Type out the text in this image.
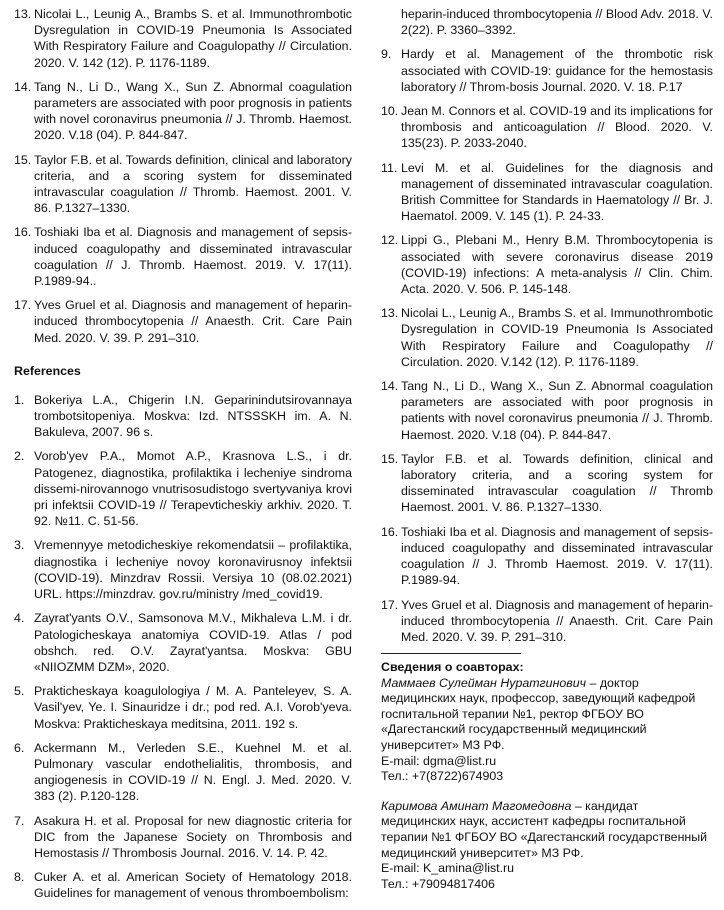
13. Nicolai L., Leunig A., Brambs S. et al. Immunothrombotic Dysregulation in COVID-19 Pneumonia Is Associated With Respiratory Failure and Coagulopathy // Circulation. 2020. V. 142 (12). P. 1176-1189.
14. Tang N., Li D., Wang X., Sun Z. Abnormal coagulation parameters are associated with poor prognosis in patients with novel coronavirus pneumonia // J. Thromb. Haemost. 2020. V.18 (04). P. 844-847.
15. Taylor F.B. et al. Towards definition, clinical and laboratory criteria, and a scoring system for disseminated intravascular coagulation // Thromb. Haemost. 2001. V. 86. P.1327–1330.
16. Toshiaki Iba et al. Diagnosis and management of sepsis-induced coagulopathy and disseminated intravascular coagulation // J. Thromb. Haemost. 2019. V. 17(11). P.1989-94..
17. Yves Gruel et al. Diagnosis and management of heparin-induced thrombocytopenia // Anaesth. Crit. Care Pain Med. 2020. V. 39. P. 291–310.
References
1. Bokeriya L.A., Chigerin I.N. Geparinindutsirovannaya trombotsitopeniya. Moskva: Izd. NTSSSKH im. A. N. Bakuleva, 2007. 96 s.
2. Vorob'yev P.A., Momot A.P., Krasnova L.S., i dr. Patogenez, diagnostika, profilaktika i lecheniye sindroma dissemi-nirovannogo vnutrisosudistogo svertyvaniya krovi pri infektsii COVID-19 // Terapevticheskiy arkhiv. 2020. T. 92. №11. C. 51-56.
3. Vremennyye metodicheskiye rekomendatsii – profilaktika, diagnostika i lecheniye novoy koronavirusnoy infektsii (COVID-19). Minzdrav Rossii. Versiya 10 (08.02.2021) URL. https://minzdrav. gov.ru/ministry /med_covid19.
4. Zayrat'yants O.V., Samsonova M.V., Mikhaleva L.M. i dr. Patologicheskaya anatomiya COVID-19. Atlas / pod obshch. red. O.V. Zayrat'yantsa. Moskva: GBU «NIIOZMM DZM», 2020.
5. Prakticheskaya koagulologiya / M. A. Panteleyev, S. A. Vasil'yev, Ye. I. Sinauridze i dr.; pod red. A.I. Vorob'yeva. Moskva: Prakticheskaya meditsina, 2011. 192 s.
6. Ackermann M., Verleden S.E., Kuehnel M. et al. Pulmonary vascular endothelialitis, thrombosis, and angiogenesis in COVID-19 // N. Engl. J. Med. 2020. V. 383 (2). P.120-128.
7. Asakura H. et al. Proposal for new diagnostic criteria for DIC from the Japanese Society on Thrombosis and Hemostasis // Thrombosis Journal. 2016. V. 14. P. 42.
8. Cuker A. et al. American Society of Hematology 2018. Guidelines for management of venous thromboembolism:
heparin-induced thrombocytopenia // Blood Adv. 2018. V. 2(22). P. 3360–3392.
9. Hardy et al. Management of the thrombotic risk associated with COVID-19: guidance for the hemostasis laboratory // Throm-bosis Journal. 2020. V. 18. P.17
10. Jean M. Connors et al. COVID-19 and its implications for thrombosis and anticoagulation // Blood. 2020. V. 135(23). P. 2033-2040.
11. Levi M. et al. Guidelines for the diagnosis and management of disseminated intravascular coagulation. British Committee for Standards in Haematology // Br. J. Haematol. 2009. V. 145 (1). P. 24-33.
12. Lippi G., Plebani M., Henry B.M. Thrombocytopenia is associated with severe coronavirus disease 2019 (COVID-19) infections: A meta-analysis // Clin. Chim. Acta. 2020. V. 506. P. 145-148.
13. Nicolai L., Leunig A., Brambs S. et al. Immunothrombotic Dysregulation in COVID-19 Pneumonia Is Associated With Respiratory Failure and Coagulopathy // Circulation. 2020. V.142 (12). P. 1176-1189.
14. Tang N., Li D., Wang X., Sun Z. Abnormal coagulation parameters are associated with poor prognosis in patients with novel coronavirus pneumonia // J. Thromb. Haemost. 2020. V.18 (04). P. 844-847.
15. Taylor F.B. et al. Towards definition, clinical and laboratory criteria, and a scoring system for disseminated intravascular coagulation // Thromb Haemost. 2001. V. 86. P.1327–1330.
16. Toshiaki Iba et al. Diagnosis and management of sepsis-induced coagulopathy and disseminated intravascular coagulation // J. Thromb Haemost. 2019. V. 17(11). P.1989-94.
17. Yves Gruel et al. Diagnosis and management of heparin-induced thrombocytopenia // Anaesth. Crit. Care Pain Med. 2020. V. 39. P. 291–310.
Сведения о соавторах:
Маммаев Сулейман Нуратгинович – доктор медицинских наук, профессор, заведующий кафедрой госпитальной терапии №1, ректор ФГБОУ ВО «Дагестанский государственный медицинский университет» МЗ РФ.
E-mail: dgma@list.ru
Тел.: +7(8722)674903
Каримова Аминат Магомедовна – кандидат медицинских наук, ассистент кафедры госпитальной терапии №1 ФГБОУ ВО «Дагестанский государственный медицинский университет» МЗ РФ.
E-mail: K_amina@list.ru
Тел.: +79094817406
